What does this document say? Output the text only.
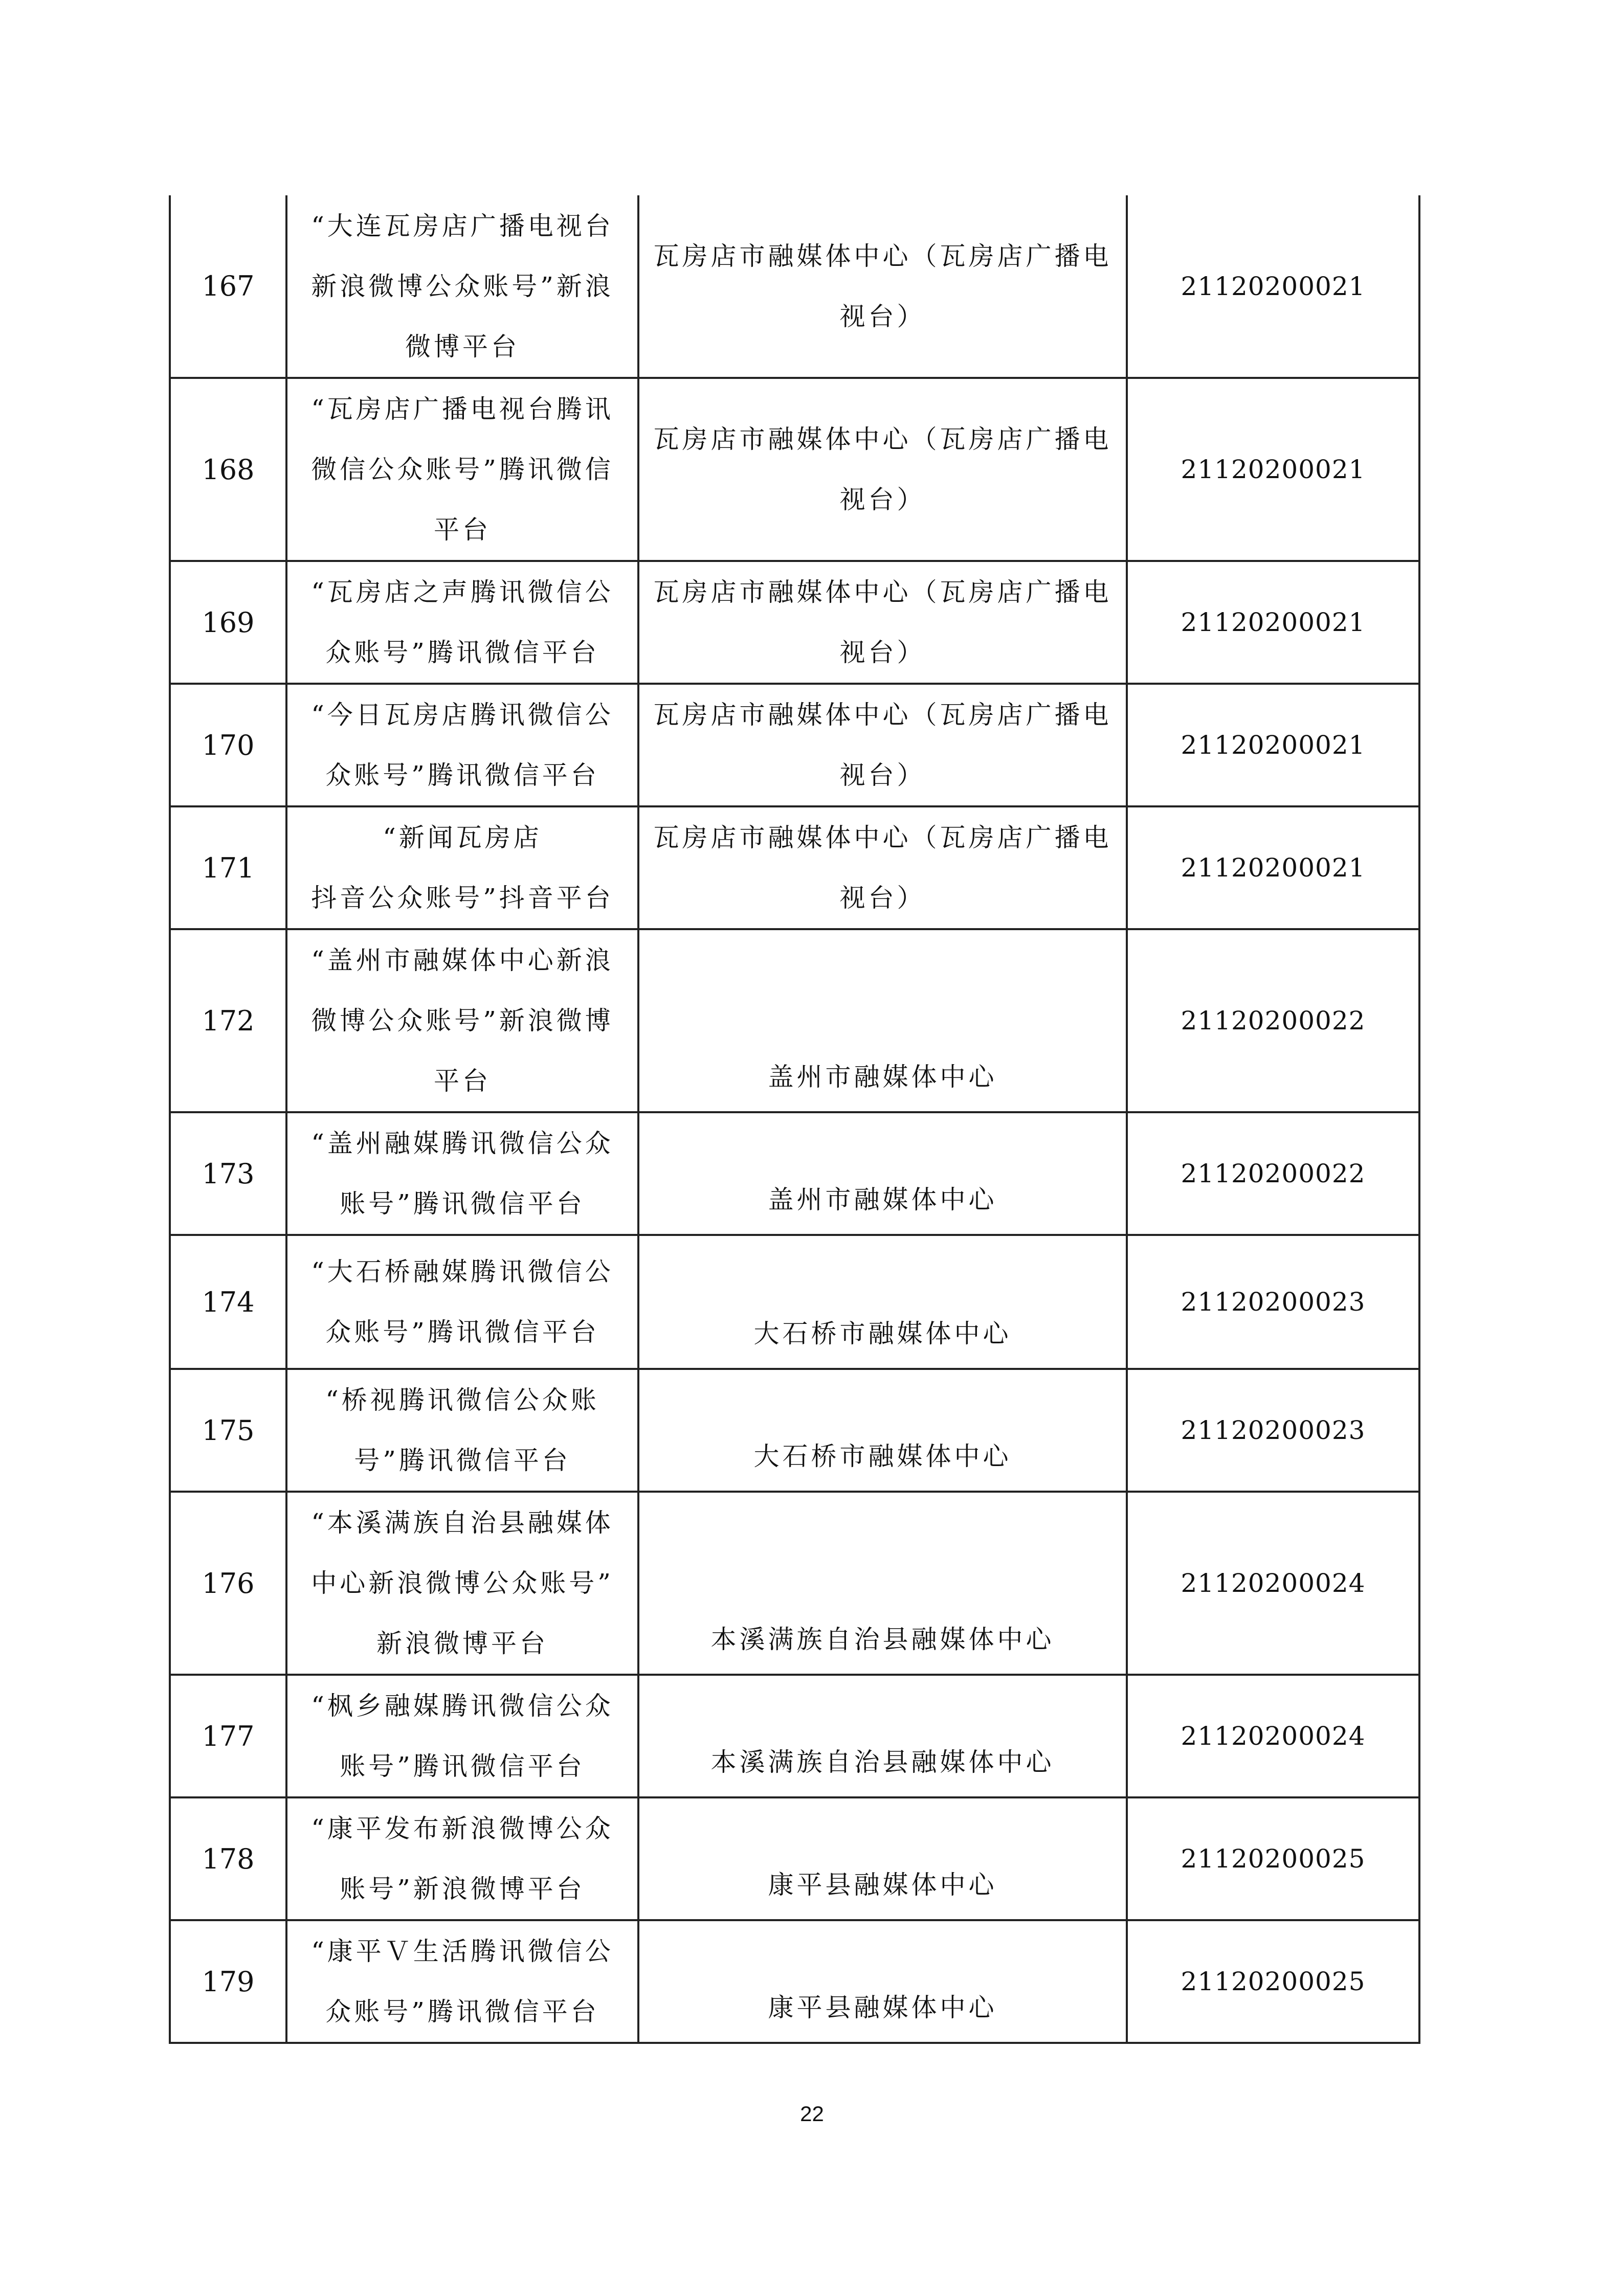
167	“大连瓦房店广播电视台
新浪微博公众账号”新浪
微博平台	瓦房店市融媒体中心（瓦房店广播电
视台）	21120200021
168	“瓦房店广播电视台腾讯
微信公众账号”腾讯微信
平台	瓦房店市融媒体中心（瓦房店广播电
视台）	21120200021
169	“瓦房店之声腾讯微信公
众账号”腾讯微信平台	瓦房店市融媒体中心（瓦房店广播电
视台）	21120200021
170	“今日瓦房店腾讯微信公
众账号”腾讯微信平台	瓦房店市融媒体中心（瓦房店广播电
视台）	21120200021
171	“新闻瓦房店
抖音公众账号”抖音平台	瓦房店市融媒体中心（瓦房店广播电
视台）	21120200021
172	“盖州市融媒体中心新浪
微博公众账号”新浪微博
平台	盖州市融媒体中心	21120200022
173	“盖州融媒腾讯微信公众
账号”腾讯微信平台	盖州市融媒体中心	21120200022
174	“大石桥融媒腾讯微信公
众账号”腾讯微信平台	大石桥市融媒体中心	21120200023
175	“桥视腾讯微信公众账
号”腾讯微信平台	大石桥市融媒体中心	21120200023
176	“本溪满族自治县融媒体
中心新浪微博公众账号”
新浪微博平台	本溪满族自治县融媒体中心	21120200024
177	“枫乡融媒腾讯微信公众
账号”腾讯微信平台	本溪满族自治县融媒体中心	21120200024
178	“康平发布新浪微博公众
账号”新浪微博平台	康平县融媒体中心	21120200025
179	“康平Ｖ生活腾讯微信公
众账号”腾讯微信平台	康平县融媒体中心	21120200025
22
